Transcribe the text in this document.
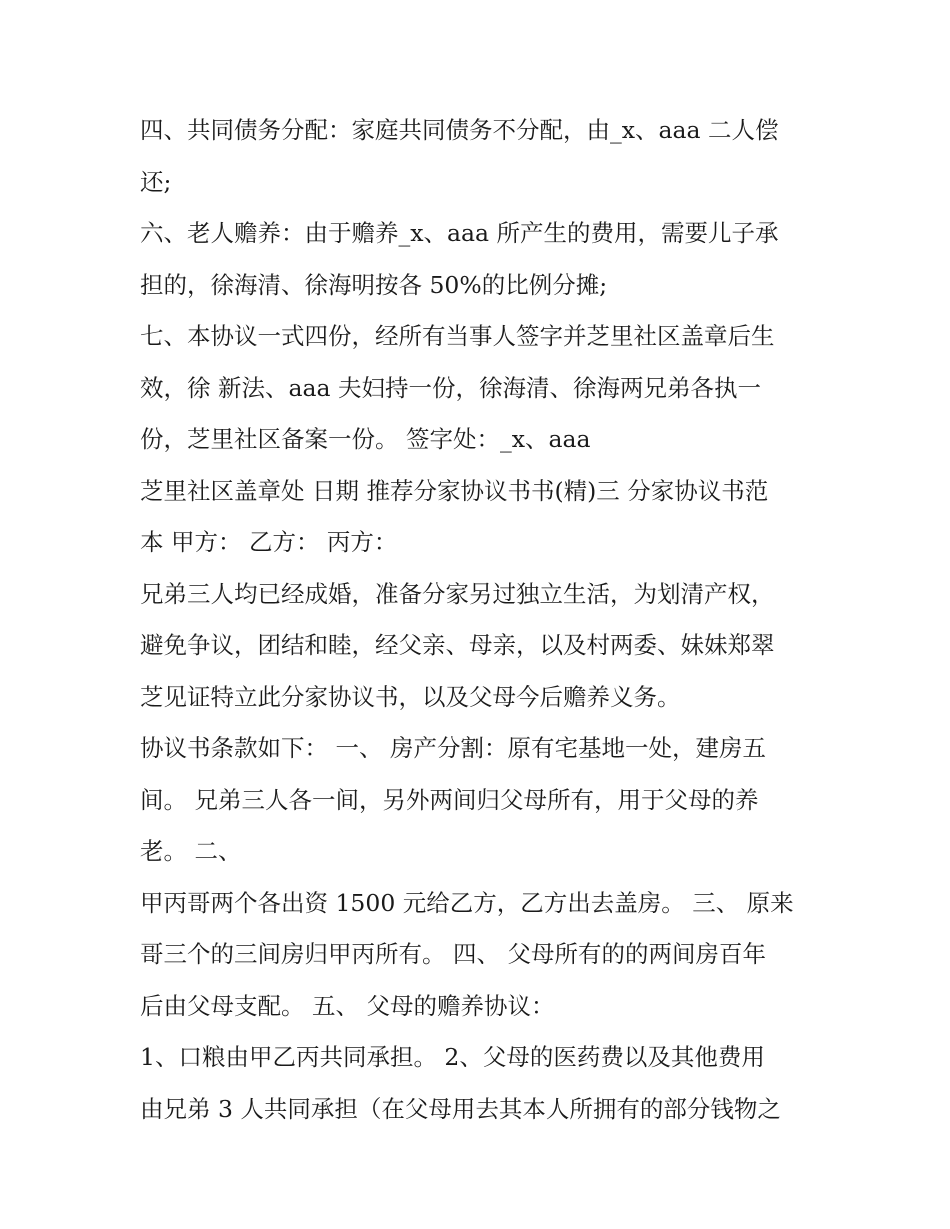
四、共同债务分配：家庭共同债务不分配，由_x、aaa 二人偿
还;
六、老人赡养：由于赡养_x、aaa 所产生的费用，需要儿子承
担的，徐海清、徐海明按各 50%的比例分摊;
七、本协议一式四份，经所有当事人签字并芝里社区盖章后生
效，徐 新法、aaa 夫妇持一份，徐海清、徐海两兄弟各执一
份，芝里社区备案一份。 签字处：_x、aaa
芝里社区盖章处 日期 推荐分家协议书书(精)三 分家协议书范
本 甲方： 乙方： 丙方：
兄弟三人均已经成婚，准备分家另过独立生活，为划清产权，
避免争议，团结和睦，经父亲、母亲，以及村两委、妹妹郑翠
芝见证特立此分家协议书，以及父母今后赡养义务。
协议书条款如下： 一、 房产分割：原有宅基地一处，建房五
间。 兄弟三人各一间，另外两间归父母所有，用于父母的养
老。 二、
甲丙哥两个各出资 1500 元给乙方，乙方出去盖房。 三、 原来
哥三个的三间房归甲丙所有。 四、 父母所有的的两间房百年
后由父母支配。 五、 父母的赡养协议：
1、口粮由甲乙丙共同承担。 2、父母的医药费以及其他费用
由兄弟 3 人共同承担（在父母用去其本人所拥有的部分钱物之
